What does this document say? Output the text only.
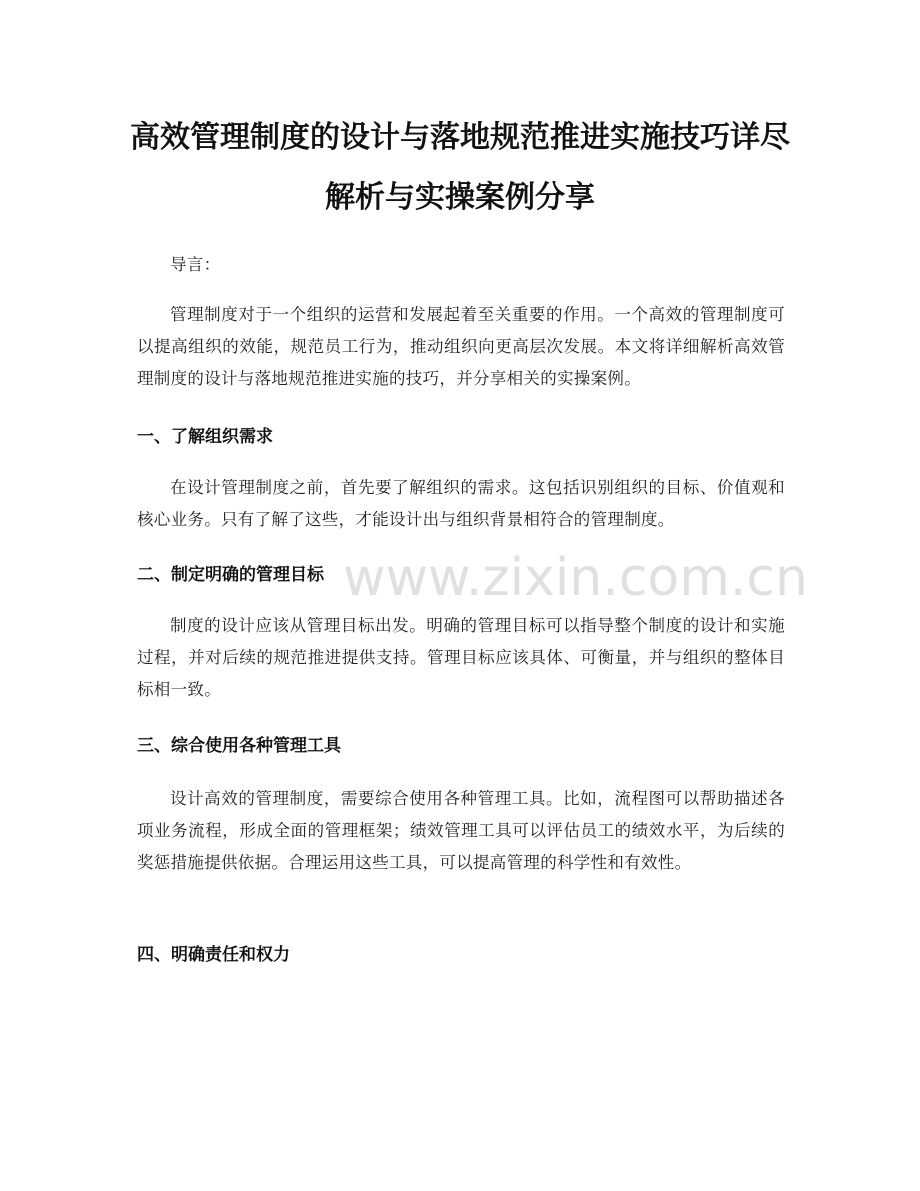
www.zixin.com.cn
高效管理制度的设计与落地规范推进实施技巧详尽解析与实操案例分享

导言：

管理制度对于一个组织的运营和发展起着至关重要的作用。一个高效的管理制度可以提高组织的效能，规范员工行为，推动组织向更高层次发展。本文将详细解析高效管理制度的设计与落地规范推进实施的技巧，并分享相关的实操案例。

一、了解组织需求

在设计管理制度之前，首先要了解组织的需求。这包括识别组织的目标、价值观和核心业务。只有了解了这些，才能设计出与组织背景相符合的管理制度。

二、制定明确的管理目标

制度的设计应该从管理目标出发。明确的管理目标可以指导整个制度的设计和实施过程，并对后续的规范推进提供支持。管理目标应该具体、可衡量，并与组织的整体目标相一致。

三、综合使用各种管理工具

设计高效的管理制度，需要综合使用各种管理工具。比如，流程图可以帮助描述各项业务流程，形成全面的管理框架；绩效管理工具可以评估员工的绩效水平，为后续的奖惩措施提供依据。合理运用这些工具，可以提高管理的科学性和有效性。

四、明确责任和权力
